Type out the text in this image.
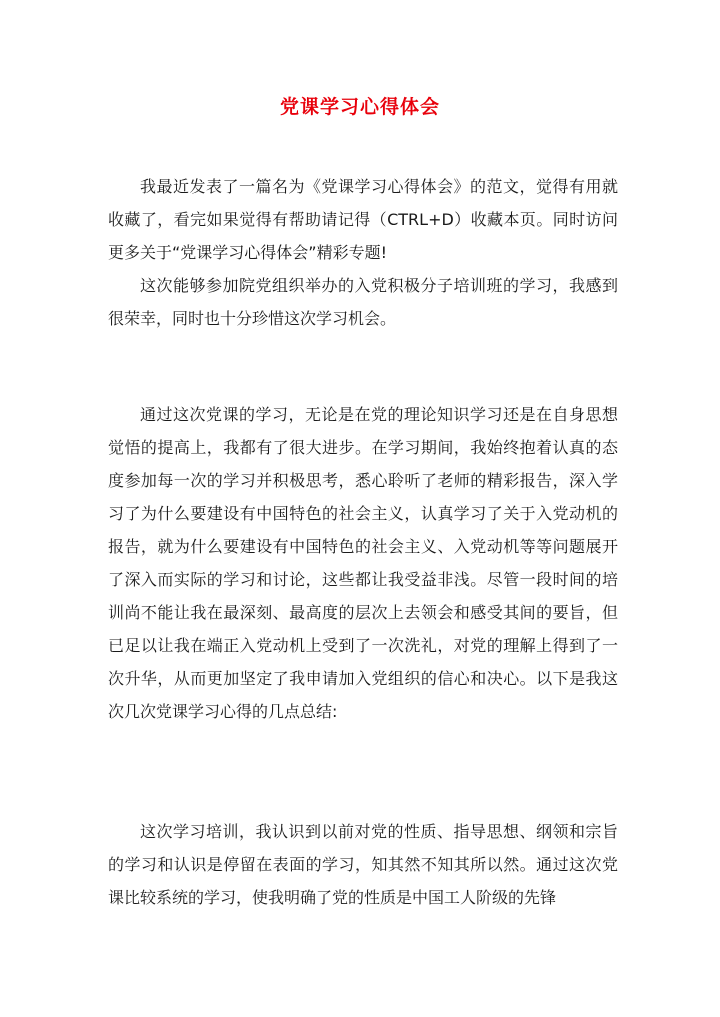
党课学习心得体会

我最近发表了一篇名为《党课学习心得体会》的范文，觉得有用就收藏了，看完如果觉得有帮助请记得（CTRL+D）收藏本页。同时访问更多关于“党课学习心得体会”精彩专题!

这次能够参加院党组织举办的入党积极分子培训班的学习，我感到很荣幸，同时也十分珍惜这次学习机会。

通过这次党课的学习，无论是在党的理论知识学习还是在自身思想觉悟的提高上，我都有了很大进步。在学习期间，我始终抱着认真的态度参加每一次的学习并积极思考，悉心聆听了老师的精彩报告，深入学习了为什么要建设有中国特色的社会主义，认真学习了关于入党动机的报告，就为什么要建设有中国特色的社会主义、入党动机等等问题展开了深入而实际的学习和讨论，这些都让我受益非浅。尽管一段时间的培训尚不能让我在最深刻、最高度的层次上去领会和感受其间的要旨，但已足以让我在端正入党动机上受到了一次洗礼，对党的理解上得到了一次升华，从而更加坚定了我申请加入党组织的信心和决心。以下是我这次几次党课学习心得的几点总结:

这次学习培训，我认识到以前对党的性质、指导思想、纲领和宗旨的学习和认识是停留在表面的学习，知其然不知其所以然。通过这次党课比较系统的学习，使我明确了党的性质是中国工人阶级的先锋
